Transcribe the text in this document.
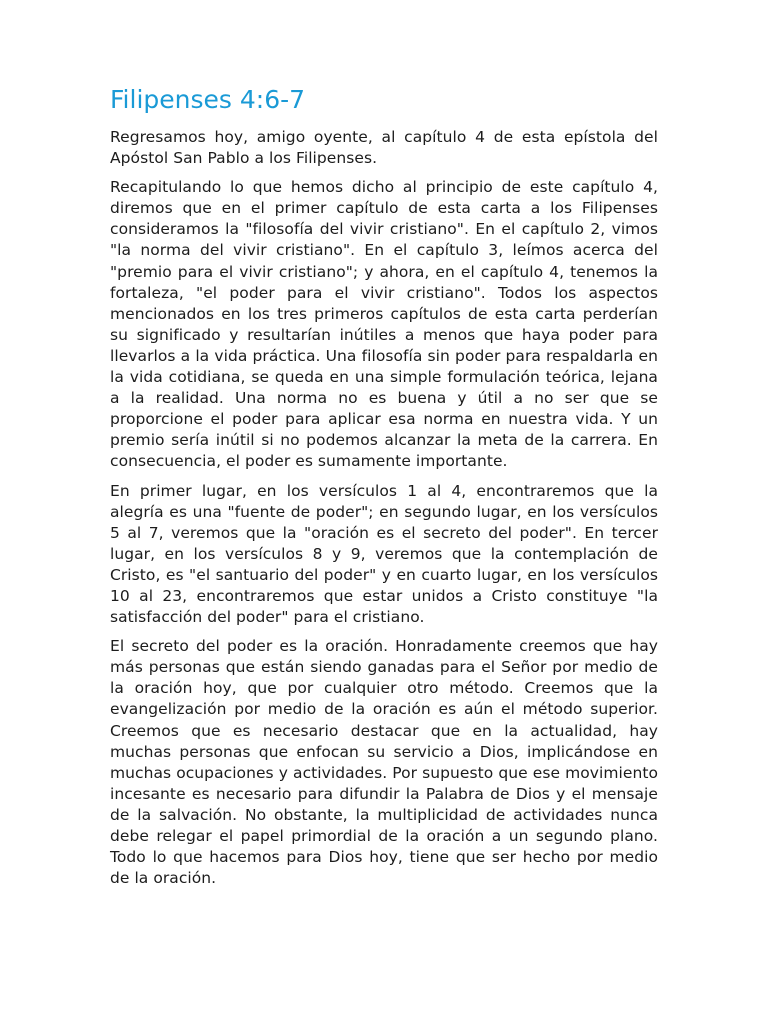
Filipenses 4:6-7

Regresamos hoy, amigo oyente, al capítulo 4 de esta epístola del Apóstol San Pablo a los Filipenses.

Recapitulando lo que hemos dicho al principio de este capítulo 4, diremos que en el primer capítulo de esta carta a los Filipenses consideramos la "filosofía del vivir cristiano". En el capítulo 2, vimos "la norma del vivir cristiano". En el capítulo 3, leímos acerca del "premio para el vivir cristiano"; y ahora, en el capítulo 4, tenemos la fortaleza, "el poder para el vivir cristiano". Todos los aspectos mencionados en los tres primeros capítulos de esta carta perderían su significado y resultarían inútiles a menos que haya poder para llevarlos a la vida práctica. Una filosofía sin poder para respaldarla en la vida cotidiana, se queda en una simple formulación teórica, lejana a la realidad. Una norma no es buena y útil a no ser que se proporcione el poder para aplicar esa norma en nuestra vida. Y un premio sería inútil si no podemos alcanzar la meta de la carrera. En consecuencia, el poder es sumamente importante.

En primer lugar, en los versículos 1 al 4, encontraremos que la alegría es una "fuente de poder"; en segundo lugar, en los versículos 5 al 7, veremos que la "oración es el secreto del poder". En tercer lugar, en los versículos 8 y 9, veremos que la contemplación de Cristo, es "el santuario del poder" y en cuarto lugar, en los versículos 10 al 23, encontraremos que estar unidos a Cristo constituye "la satisfacción del poder" para el cristiano.

El secreto del poder es la oración. Honradamente creemos que hay más personas que están siendo ganadas para el Señor por medio de la oración hoy, que por cualquier otro método. Creemos que la evangelización por medio de la oración es aún el método superior. Creemos que es necesario destacar que en la actualidad, hay muchas personas que enfocan su servicio a Dios, implicándose en muchas ocupaciones y actividades. Por supuesto que ese movimiento incesante es necesario para difundir la Palabra de Dios y el mensaje de la salvación. No obstante, la multiplicidad de actividades nunca debe relegar el papel primordial de la oración a un segundo plano. Todo lo que hacemos para Dios hoy, tiene que ser hecho por medio de la oración.
